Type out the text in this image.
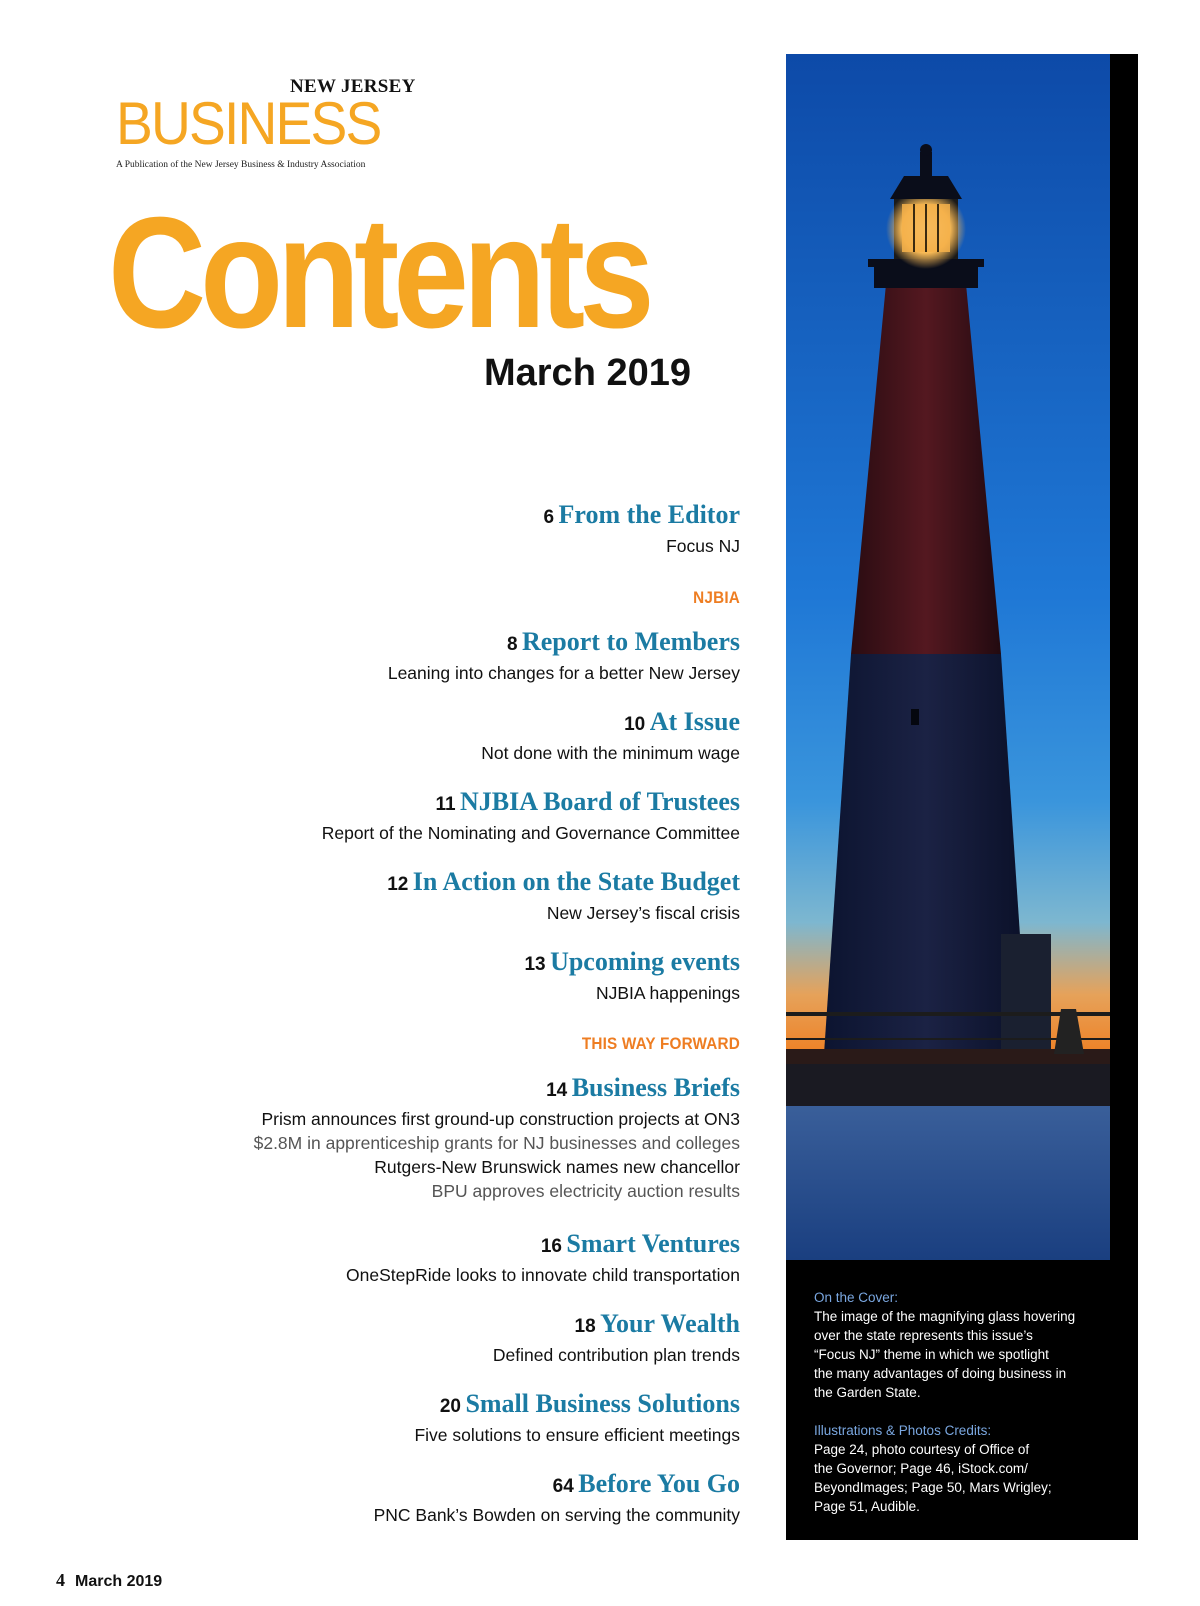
NEW JERSEY
BUSINESS
A Publication of the New Jersey Business & Industry Association
Contents
March 2019
6 From the Editor
Focus NJ
NJBIA
8 Report to Members
Leaning into changes for a better New Jersey
10 At Issue
Not done with the minimum wage
11 NJBIA Board of Trustees
Report of the Nominating and Governance Committee
12 In Action on the State Budget
New Jersey’s fiscal crisis
13 Upcoming events
NJBIA happenings
THIS WAY FORWARD
14 Business Briefs
Prism announces first ground-up construction projects at ON3
$2.8M in apprenticeship grants for NJ businesses and colleges
Rutgers-New Brunswick names new chancellor
BPU approves electricity auction results
16 Smart Ventures
OneStepRide looks to innovate child transportation
18 Your Wealth
Defined contribution plan trends
20 Small Business Solutions
Five solutions to ensure efficient meetings
64 Before You Go
PNC Bank’s Bowden on serving the community
On the Cover:
The image of the magnifying glass hovering
over the state represents this issue’s
“Focus NJ” theme in which we spotlight
the many advantages of doing business in
the Garden State.
Illustrations & Photos Credits:
Page 24, photo courtesy of Office of
the Governor; Page 46, iStock.com/
BeyondImages; Page 50, Mars Wrigley;
Page 51, Audible.
4 March 2019
